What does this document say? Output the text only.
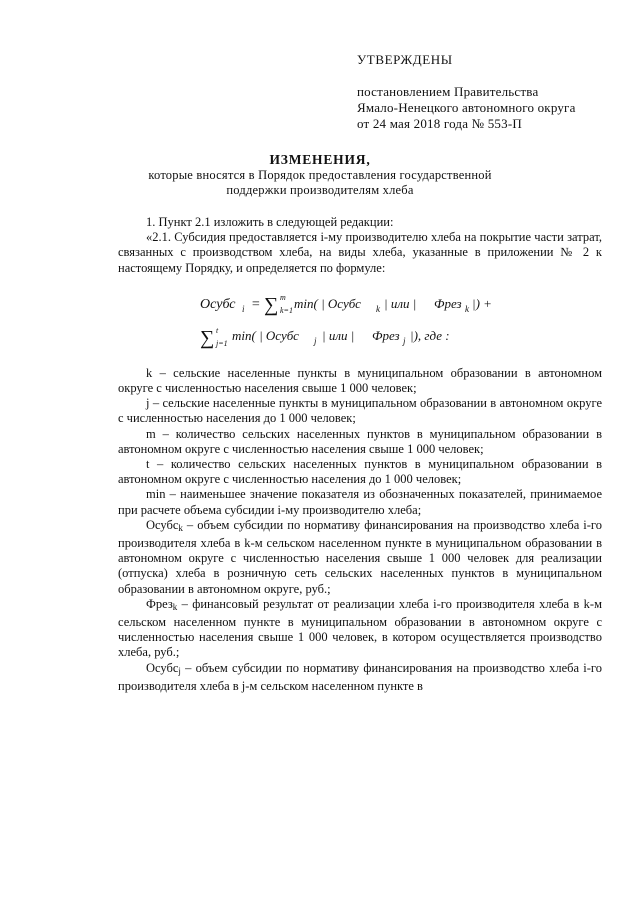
УТВЕРЖДЕНЫ
постановлением Правительства
Ямало-Ненецкого автономного округа
от 24 мая 2018 года № 553-П
ИЗМЕНЕНИЯ,
которые вносятся в Порядок предоставления государственной
поддержки производителям хлеба

1. Пункт 2.1 изложить в следующей редакции:

«2.1. Субсидия предоставляется i-му производителю хлеба на покрытие части затрат, связанных с производством хлеба, на виды хлеба, указанные в приложении № 2 к настоящему Порядку, и определяется по формуле:

Осубс i = ∑ m
k=1 min( | Осубс k | или | Фрез k |) +
∑ t
j=1
min( | Осубс j | или | Фрез j |), где :

k – сельские населенные пункты в муниципальном образовании в автономном округе с численностью населения свыше 1 000 человек;

j – сельские населенные пункты в муниципальном образовании в автономном округе с численностью населения до 1 000 человек;

m – количество сельских населенных пунктов в муниципальном образовании в автономном округе с численностью населения свыше 1 000 человек;

t – количество сельских населенных пунктов в муниципальном образовании в автономном округе с численностью населения до 1 000 человек;

min – наименьшее значение показателя из обозначенных показателей, принимаемое при расчете объема субсидии i-му производителю хлеба;

Осубс$_k$ – объем субсидии по нормативу финансирования на производство хлеба i-го производителя хлеба в k-м сельском населенном пункте в муниципальном образовании в автономном округе с численностью населения свыше 1 000 человек для реализации (отпуска) хлеба в розничную сеть сельских населенных пунктов в муниципальном образовании в автономном округе, руб.;

Фрез$_k$ – финансовый результат от реализации хлеба i-го производителя хлеба в k-м сельском населенном пункте в муниципальном образовании в автономном округе с численностью населения свыше 1 000 человек, в котором осуществляется производство хлеба, руб.;

Осубс$_j$ – объем субсидии по нормативу финансирования на производство хлеба i-го производителя хлеба в j-м сельском населенном пункте в
